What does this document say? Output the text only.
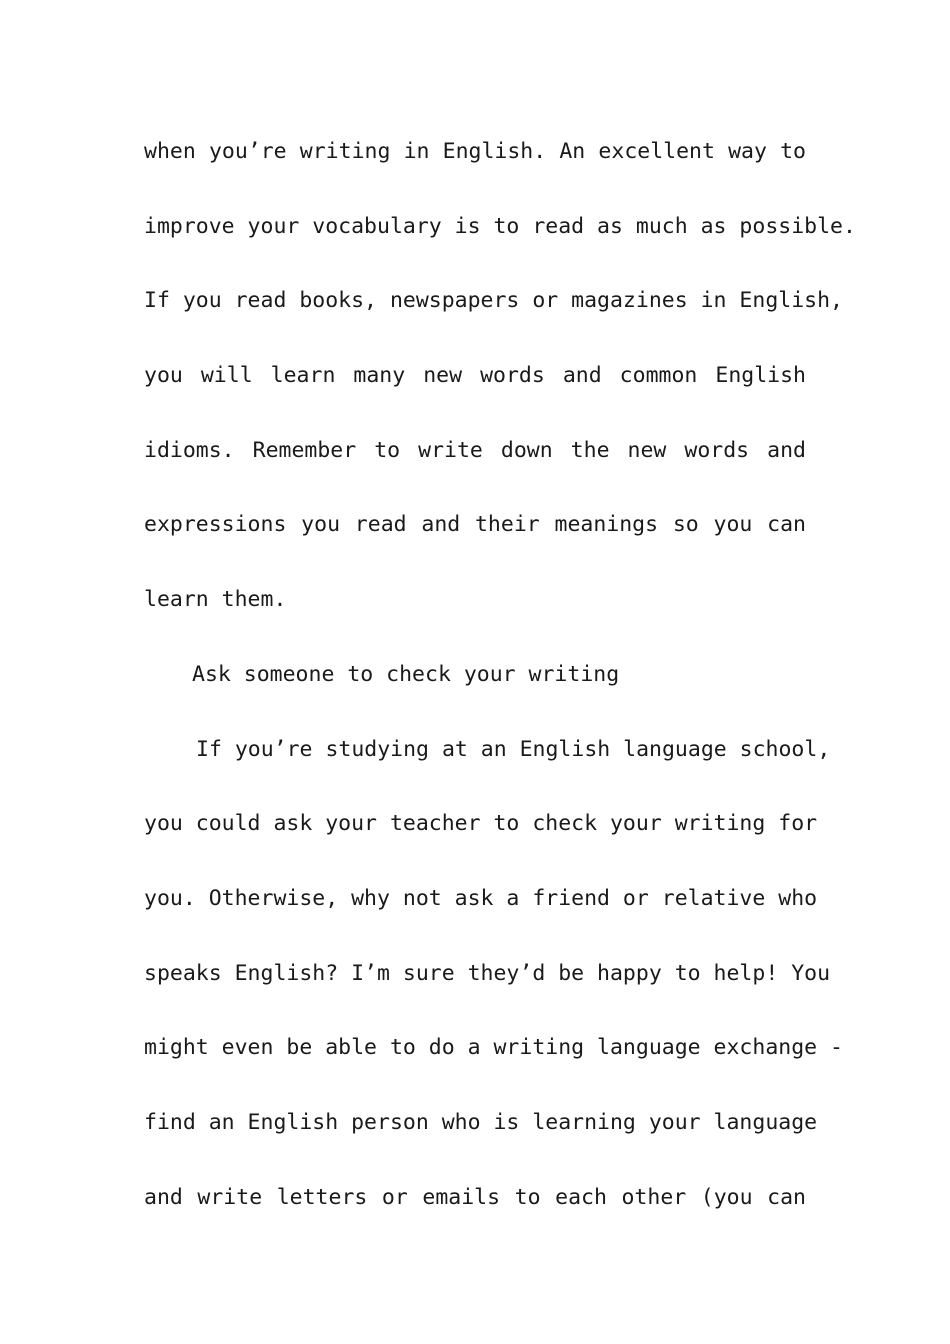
when you’re writing in English. An excellent way to
improve your vocabulary is to read as much as possible.
If you read books, newspapers or magazines in English,
you will learn many new words and common English
idioms. Remember to write down the new words and
expressions you read and their meanings so you can
learn them.
Ask someone to check your writing
If you’re studying at an English language school,
you could ask your teacher to check your writing for
you. Otherwise, why not ask a friend or relative who
speaks English? I’m sure they’d be happy to help! You
might even be able to do a writing language exchange -
find an English person who is learning your language
and write letters or emails to each other (you can
